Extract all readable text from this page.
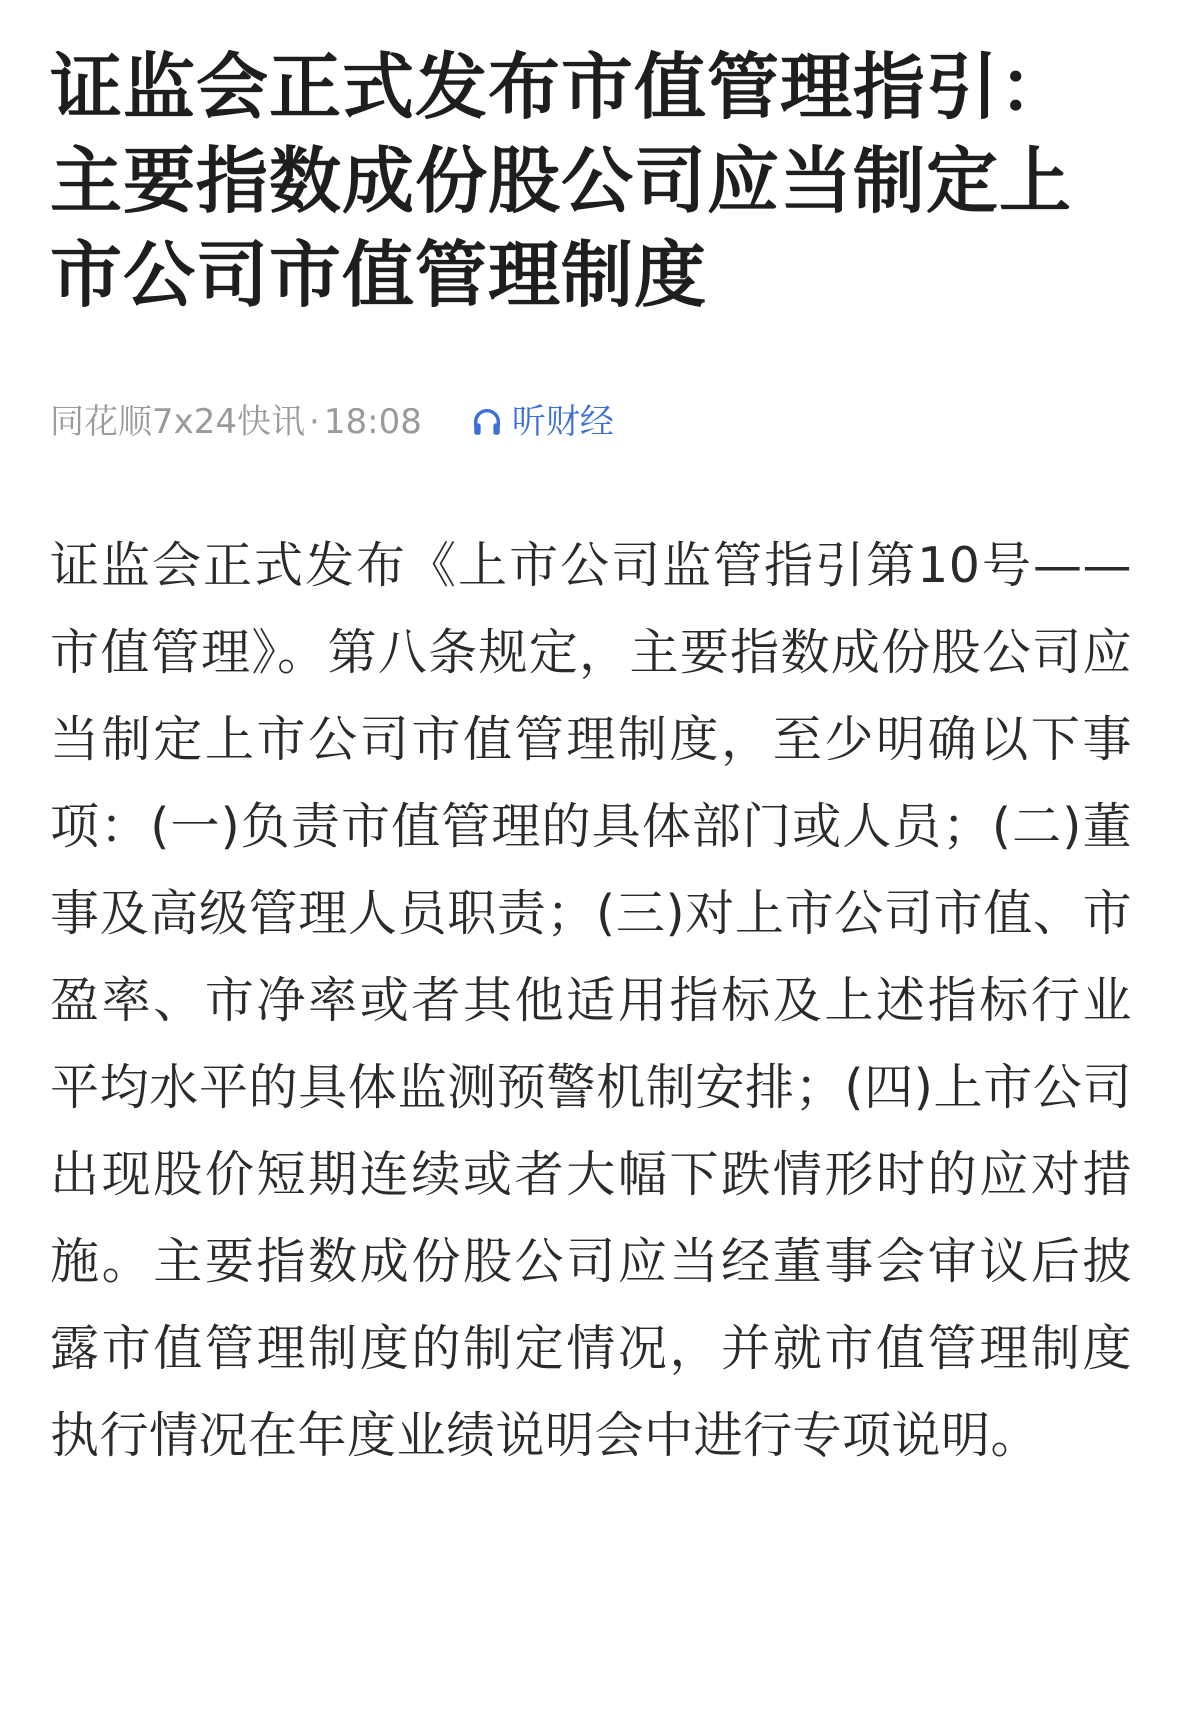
证监会正式发布市值管理指引：主要指数成份股公司应当制定上市公司市值管理制度
同花顺7x24快讯 · 18:08	听财经

证监会正式发布《上市公司监管指引第10号——市值管理》。第八条规定，主要指数成份股公司应当制定上市公司市值管理制度，至少明确以下事项：(一)负责市值管理的具体部门或人员；(二)董事及高级管理人员职责；(三)对上市公司市值、市盈率、市净率或者其他适用指标及上述指标行业平均水平的具体监测预警机制安排；(四)上市公司出现股价短期连续或者大幅下跌情形时的应对措施。主要指数成份股公司应当经董事会审议后披露市值管理制度的制定情况，并就市值管理制度执行情况在年度业绩说明会中进行专项说明。
